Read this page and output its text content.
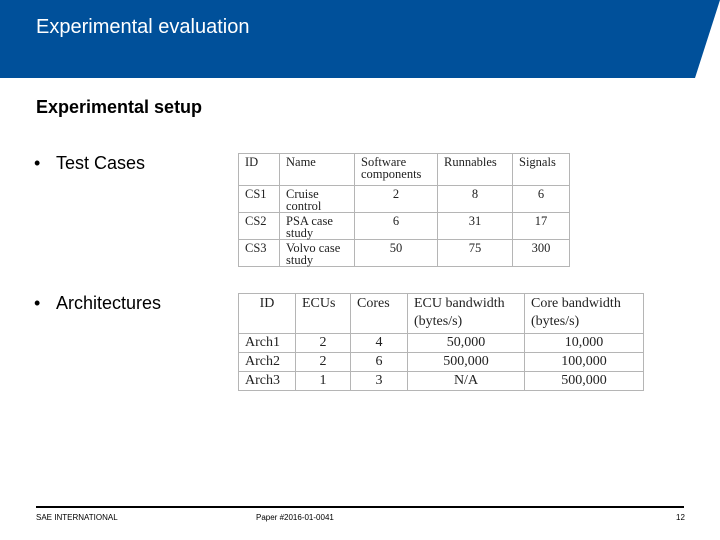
Experimental evaluation
Experimental setup
• Test Cases	ID	Name	Software components	Runnables	Signals
CS1	Cruise control	2	8	6
CS2	PSA case study	6	31	17
CS3	Volvo case study	50	75	300
• Architectures	ID	ECUs	Cores	ECU bandwidth (bytes/s)	Core bandwidth (bytes/s)
Arch1	2	4	50,000	10,000
Arch2	2	6	500,000	100,000
Arch3	1	3	N/A	500,000
SAE INTERNATIONAL	Paper #2016-01-0041	12
